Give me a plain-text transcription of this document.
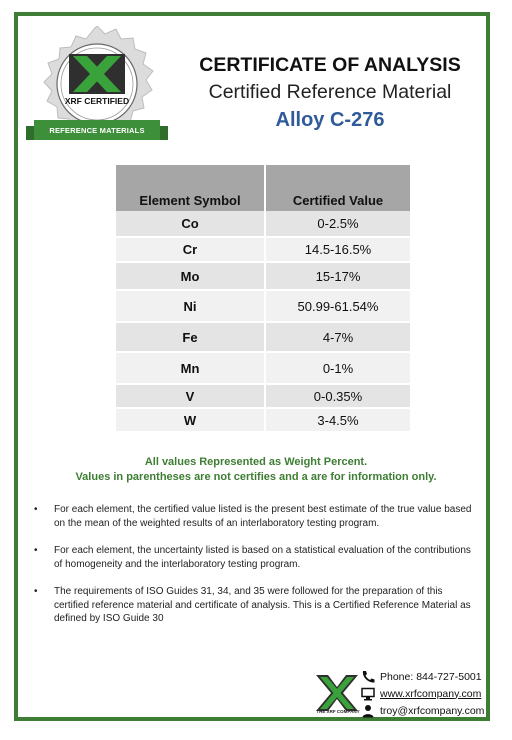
XRF CERTIFIED
REFERENCE MATERIALS
CERTIFICATE OF ANALYSIS
Certified Reference Material
Alloy C-276
Element Symbol	Certified Value
Co	0-2.5%
Cr	14.5-16.5%
Mo	15-17%
Ni	50.99-61.54%
Fe	4-7%
Mn	0-1%
V	0-0.35%
W	3-4.5%
All values Represented as Weight Percent.
Values in parentheses are not certifies and a are for information only.
• For each element, the certified value listed is the present best estimate of the true value based on the mean of the weighted results of an interlaboratory testing program.
• For each element, the uncertainty listed is based on a statistical evaluation of the contributions of homogeneity and the interlaboratory testing program.
• The requirements of ISO Guides 31, 34, and 35 were followed for the preparation of this certified reference material and certificate of analysis. This is a Certified Reference Material as defined by ISO Guide 30
THE XRF COMPANY
Phone: 844-727-5001
www.xrfcompany.com
troy@xrfcompany.com
